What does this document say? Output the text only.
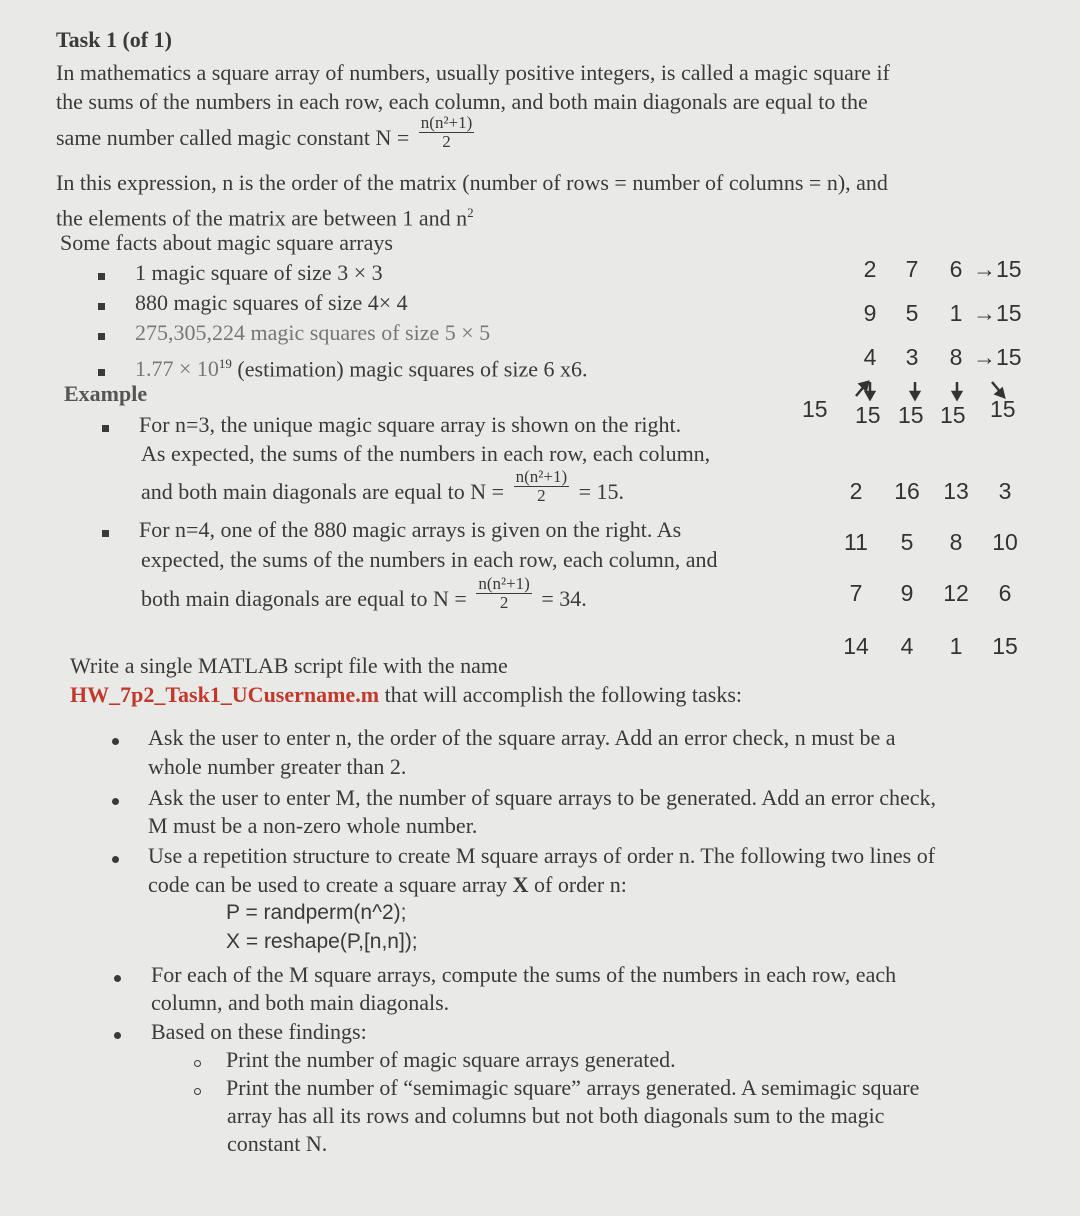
Task 1 (of 1)
In mathematics a square array of numbers, usually positive integers, is called a magic square if
the sums of the numbers in each row, each column, and both main diagonals are equal to the
same number called magic constant $N = \frac{\text{n(n²+1)}}{2}$
In this expression, n is the order of the matrix (number of rows = number of columns = n), and
the elements of the matrix are between 1 and $n^2$
Some facts about magic square arrays
1 magic square of size 3 × 3
880 magic squares of size 4× 4
275,305,224 magic squares of size 5 × 5
$1.77 \times 10^{19}$ (estimation) magic squares of size 6 x6.
Example
For n=3, the unique magic square array is shown on the right.
As expected, the sums of the numbers in each row, each column,
and both main diagonals are equal to $N = \frac{\text{n(n²+1)}}{2} = 15$.
For n=4, one of the 880 magic arrays is given on the right. As
expected, the sums of the numbers in each row, each column, and
both main diagonals are equal to $N = \frac{\text{n(n²+1)}}{2} = 34$.
2 7 6 →15
9 5 1 →15
4 3 8 →15
15 15 15 15 15
2	16	13	3
11	5	8	10
7	9	12	6
14	4	1	15
Write a single MATLAB script file with the name
HW_7p2_Task1_UCusername.m that will accomplish the following tasks:
Ask the user to enter n, the order of the square array. Add an error check, n must be a
whole number greater than 2.
Ask the user to enter M, the number of square arrays to be generated. Add an error check,
M must be a non-zero whole number.
Use a repetition structure to create M square arrays of order n. The following two lines of
code can be used to create a square array X of order n:
P = randperm(n^2);
X = reshape(P,[n,n]);
For each of the M square arrays, compute the sums of the numbers in each row, each
column, and both main diagonals.
Based on these findings:
Print the number of magic square arrays generated.
Print the number of “semimagic square” arrays generated. A semimagic square
array has all its rows and columns but not both diagonals sum to the magic
constant N.
